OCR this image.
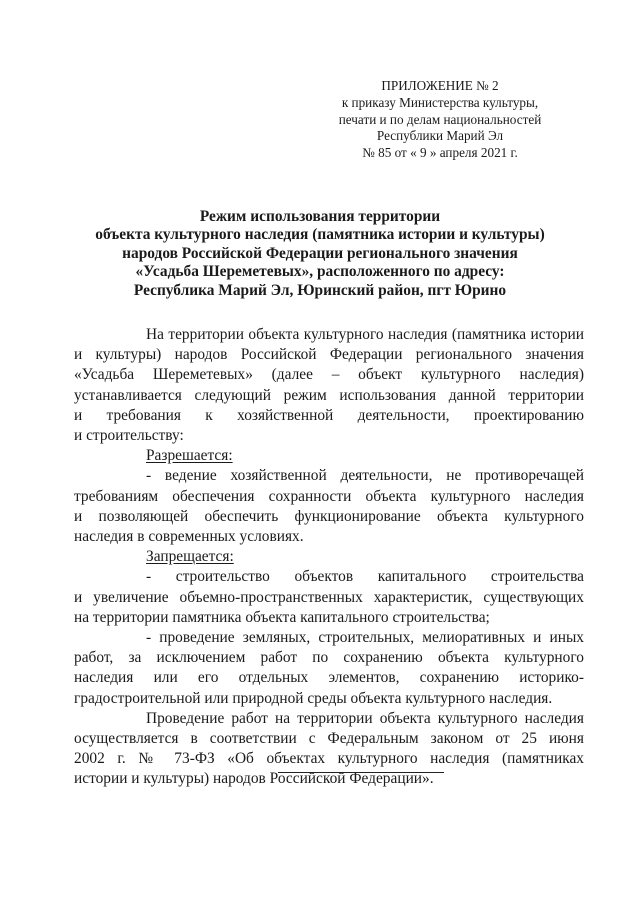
ПРИЛОЖЕНИЕ № 2
к приказу Министерства культуры,
печати и по делам национальностей
Республики Марий Эл
№ 85 от « 9 » апреля 2021 г.
Режим использования территории
объекта культурного наследия (памятника истории и культуры)
народов Российской Федерации регионального значения
«Усадьба Шереметевых», расположенного по адресу:
Республика Марий Эл, Юринский район, пгт Юрино
На территории объекта культурного наследия (памятника истории
и культуры) народов Российской Федерации регионального значения
«Усадьба Шереметевых» (далее – объект культурного наследия)
устанавливается следующий режим использования данной территории
и требования к хозяйственной деятельности, проектированию
и строительству:

Разрешается:

- ведение хозяйственной деятельности, не противоречащей
требованиям обеспечения сохранности объекта культурного наследия
и позволяющей обеспечить функционирование объекта культурного
наследия в современных условиях.

Запрещается:

- строительство объектов капитального строительства
и увеличение объемно-пространственных характеристик, существующих
на территории памятника объекта капитального строительства;
- проведение земляных, строительных, мелиоративных и иных
работ, за исключением работ по сохранению объекта культурного
наследия или его отдельных элементов, сохранению историко-
градостроительной или природной среды объекта культурного наследия.
Проведение работ на территории объекта культурного наследия
осуществляется в соответствии с Федеральным законом от 25 июня
2002 г. № 73-ФЗ «Об объектах культурного наследия (памятниках
истории и культуры) народов Российской Федерации».
